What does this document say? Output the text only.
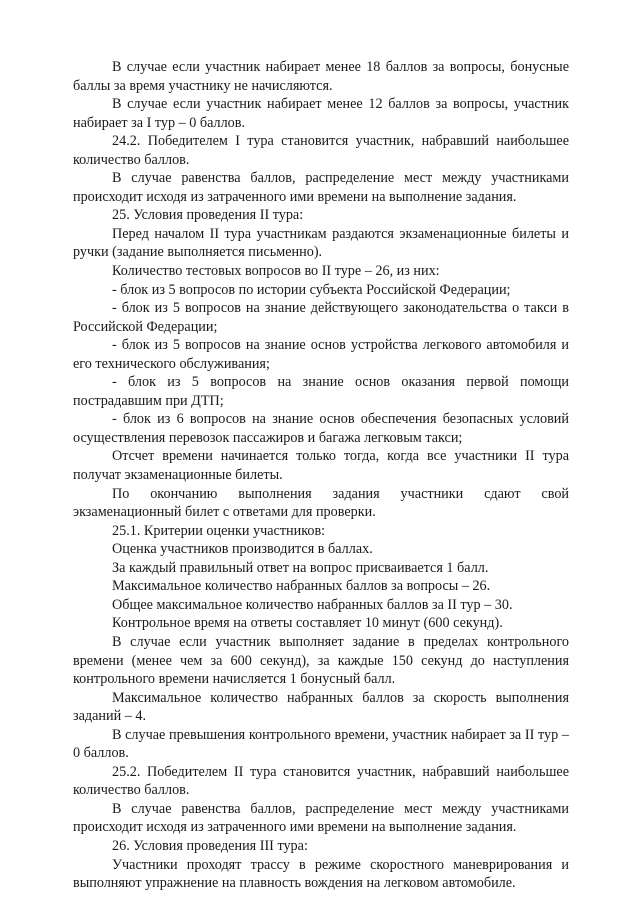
В случае если участник набирает менее 18 баллов за вопросы, бонусные баллы за время участнику не начисляются.

В случае если участник набирает менее 12 баллов за вопросы, участник набирает за I тур – 0 баллов.

24.2. Победителем I тура становится участник, набравший наибольшее количество баллов.

В случае равенства баллов, распределение мест между участниками происходит исходя из затраченного ими времени на выполнение задания.

25. Условия проведения II тура:

Перед началом II тура участникам раздаются экзаменационные билеты и ручки (задание выполняется письменно).

Количество тестовых вопросов во II туре – 26, из них:

- блок из 5 вопросов по истории субъекта Российской Федерации;

- блок из 5 вопросов на знание действующего законодательства о такси в Российской Федерации;

- блок из 5 вопросов на знание основ устройства легкового автомобиля и его технического обслуживания;

- блок из 5 вопросов на знание основ оказания первой помощи пострадавшим при ДТП;

- блок из 6 вопросов на знание основ обеспечения безопасных условий осуществления перевозок пассажиров и багажа легковым такси;

Отсчет времени начинается только тогда, когда все участники II тура получат экзаменационные билеты.

По окончанию выполнения задания участники сдают свой экзаменационный билет с ответами для проверки.

25.1. Критерии оценки участников:

Оценка участников производится в баллах.

За каждый правильный ответ на вопрос присваивается 1 балл.

Максимальное количество набранных баллов за вопросы – 26.

Общее максимальное количество набранных баллов за II тур – 30.

Контрольное время на ответы составляет 10 минут (600 секунд).

В случае если участник выполняет задание в пределах контрольного времени (менее чем за 600 секунд), за каждые 150 секунд до наступления контрольного времени начисляется 1 бонусный балл.

Максимальное количество набранных баллов за скорость выполнения заданий – 4.

В случае превышения контрольного времени, участник набирает за II тур – 0 баллов.

25.2. Победителем II тура становится участник, набравший наибольшее количество баллов.

В случае равенства баллов, распределение мест между участниками происходит исходя из затраченного ими времени на выполнение задания.

26. Условия проведения III тура:

Участники проходят трассу в режиме скоростного маневрирования и выполняют упражнение на плавность вождения на легковом автомобиле.
